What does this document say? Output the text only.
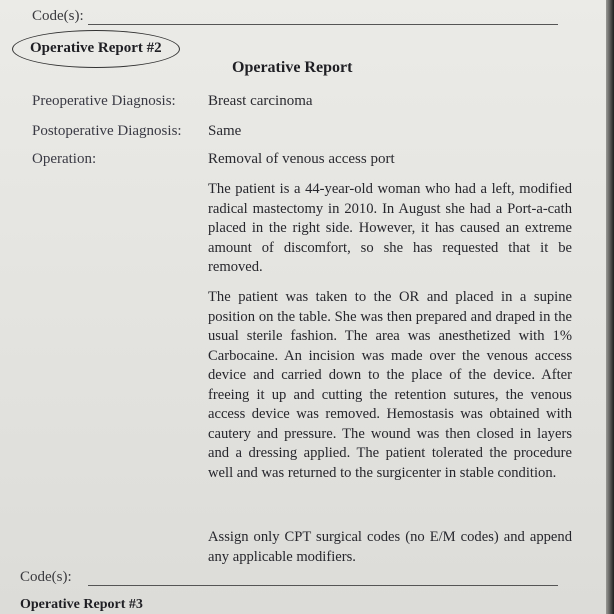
Code(s):
Operative Report #2
Operative Report
Preoperative Diagnosis: Breast carcinoma
Postoperative Diagnosis: Same
Operation:	Removal of venous access port

The patient is a 44-year-old woman who had a left, modified radical mastectomy in 2010. In August she had a Port-a-cath placed in the right side. However, it has caused an extreme amount of discomfort, so she has requested that it be removed.

The patient was taken to the OR and placed in a supine position on the table. She was then prepared and draped in the usual sterile fashion. The area was anesthetized with 1% Carbocaine. An incision was made over the venous access device and carried down to the place of the device. After freeing it up and cutting the retention sutures, the venous access device was removed. Hemostasis was obtained with cautery and pressure. The wound was then closed in layers and a dressing applied. The patient tolerated the procedure well and was returned to the surgicenter in stable condition.

Assign only CPT surgical codes (no E/M codes) and append any applicable modifiers.

Code(s):
Operative Report #3
